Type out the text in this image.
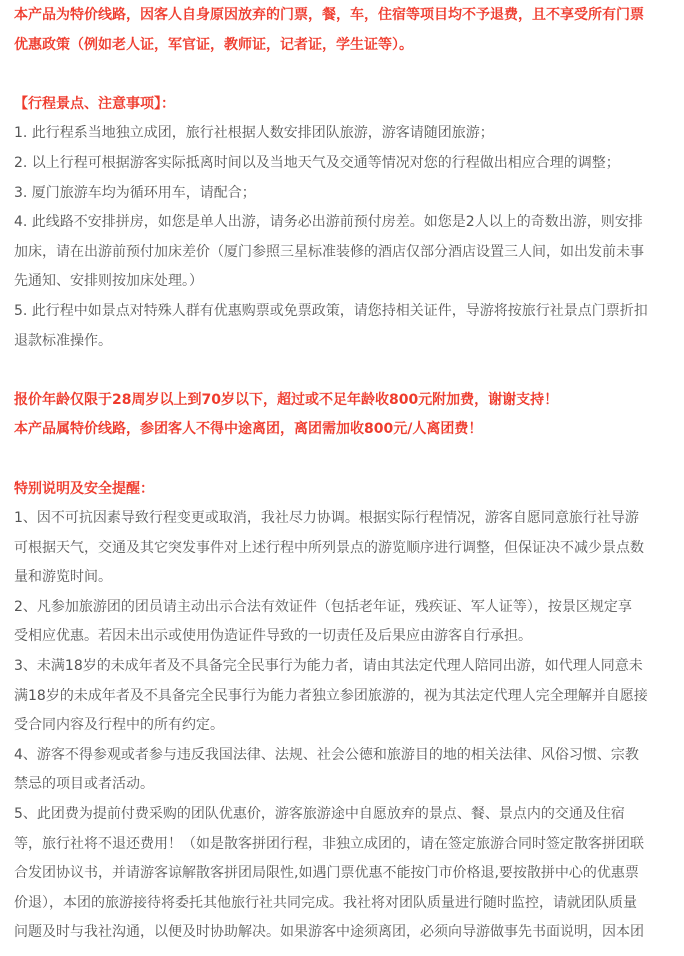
本产品为特价线路，因客人自身原因放弃的门票，餐，车，住宿等项目均不予退费，且不享受所有门票

优惠政策（例如老人证，军官证，教师证，记者证，学生证等）。

【行程景点、注意事项】：

1. 此行程系当地独立成团，旅行社根据人数安排团队旅游，游客请随团旅游；

2. 以上行程可根据游客实际抵离时间以及当地天气及交通等情况对您的行程做出相应合理的调整；

3. 厦门旅游车均为循环用车，请配合；

4. 此线路不安排拼房，如您是单人出游，请务必出游前预付房差。如您是2人以上的奇数出游，则安排

加床，请在出游前预付加床差价（厦门参照三星标准装修的酒店仅部分酒店设置三人间，如出发前未事

先通知、安排则按加床处理。）

5. 此行程中如景点对特殊人群有优惠购票或免票政策，请您持相关证件，导游将按旅行社景点门票折扣

退款标准操作。

报价年龄仅限于28周岁以上到70岁以下，超过或不足年龄收800元附加费，谢谢支持！

本产品属特价线路，参团客人不得中途离团，离团需加收800元/人离团费！

特别说明及安全提醒：

1、因不可抗因素导致行程变更或取消，我社尽力协调。根据实际行程情况，游客自愿同意旅行社导游

可根据天气，交通及其它突发事件对上述行程中所列景点的游览顺序进行调整，但保证决不减少景点数

量和游览时间。

2、凡参加旅游团的团员请主动出示合法有效证件（包括老年证，残疾证、军人证等），按景区规定享

受相应优惠。若因未出示或使用伪造证件导致的一切责任及后果应由游客自行承担。

3、未满18岁的未成年者及不具备完全民事行为能力者，请由其法定代理人陪同出游，如代理人同意未

满18岁的未成年者及不具备完全民事行为能力者独立参团旅游的，视为其法定代理人完全理解并自愿接

受合同内容及行程中的所有约定。

4、游客不得参观或者参与违反我国法律、法规、社会公德和旅游目的地的相关法律、风俗习惯、宗教

禁忌的项目或者活动。

5、此团费为提前付费采购的团队优惠价，游客旅游途中自愿放弃的景点、餐、景点内的交通及住宿

等，旅行社将不退还费用！（如是散客拼团行程，非独立成团的，请在签定旅游合同时签定散客拼团联

合发团协议书，并请游客谅解散客拼团局限性,如遇门票优惠不能按门市价格退,要按散拼中心的优惠票

价退），本团的旅游接待将委托其他旅行社共同完成。我社将对团队质量进行随时监控，请就团队质量

问题及时与我社沟通，以便及时协助解决。如果游客中途须离团，必须向导游做事先书面说明，因本团
